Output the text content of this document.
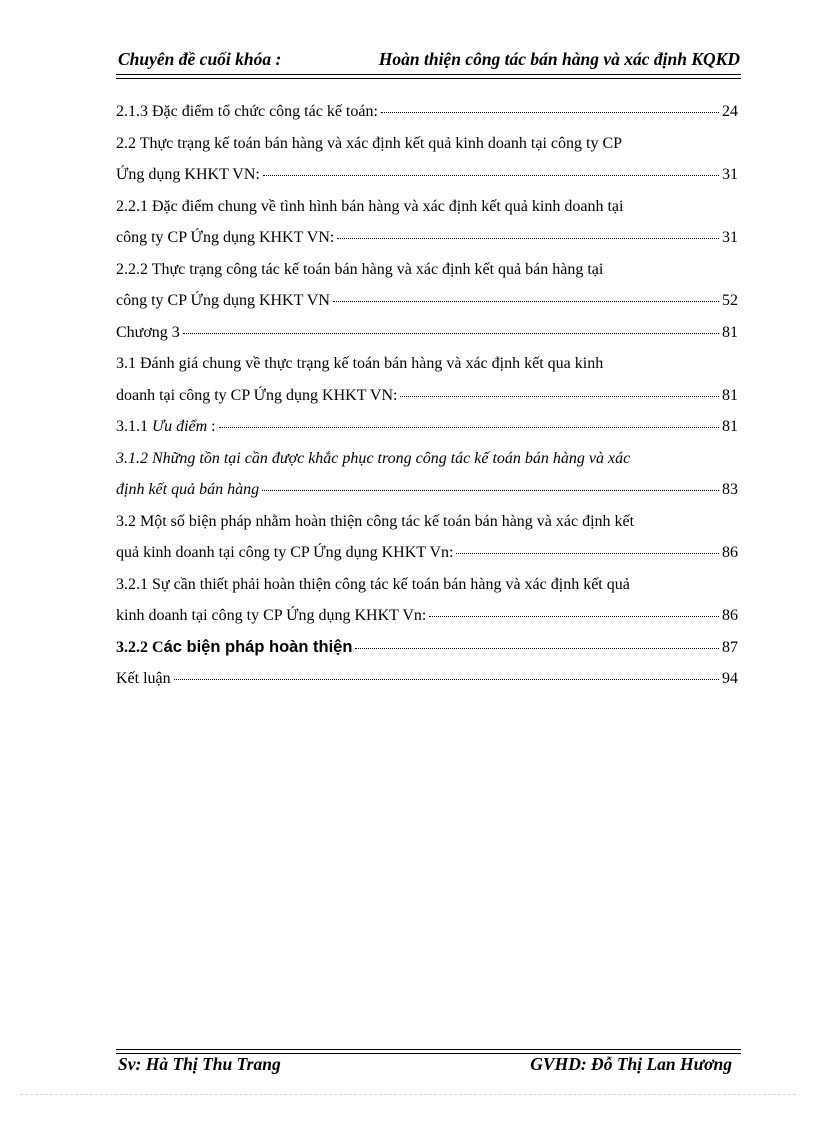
Chuyên đề cuối khóa :	Hoàn thiện công tác bán hàng và xác định KQKD
2.1.3 Đặc điểm tổ chức công tác kế toán:	24
2.2 Thực trạng kế toán bán hàng và xác định kết quả kinh doanh tại công ty CP
Ứng dụng KHKT VN:	31
2.2.1 Đặc điểm chung về tình hình bán hàng và xác định kết quả kinh doanh tại
công ty CP Ứng dụng KHKT VN:	31
2.2.2 Thực trạng công tác kế toán bán hàng và xác định kết quả bán hàng tại
công ty CP Ứng dụng KHKT VN	52
Chương 3	81
3.1 Đánh giá chung về thực trạng kế toán bán hàng và xác định kết qua kinh
doanh tại công ty CP Ứng dụng KHKT VN:	81
3.1.1 Ưu điểm :	81
3.1.2 Những tồn tại cần được khắc phục trong công tác kế toán bán hàng và xác
định kết quả bán hàng	83
3.2 Một số biện pháp nhằm hoàn thiện công tác kế toán bán hàng và xác định kết
quả kinh doanh tại công ty CP Ứng dụng KHKT Vn:	86
3.2.1 Sự cần thiết phải hoàn thiện công tác kế toán bán hàng và xác định kết quả
kinh doanh tại công ty CP Ứng dụng KHKT Vn:	86
3.2.2 Các biện pháp hoàn thiện	87
Kết luận	94
Sv: Hà Thị Thu Trang	GVHD: Đỗ Thị Lan Hương
